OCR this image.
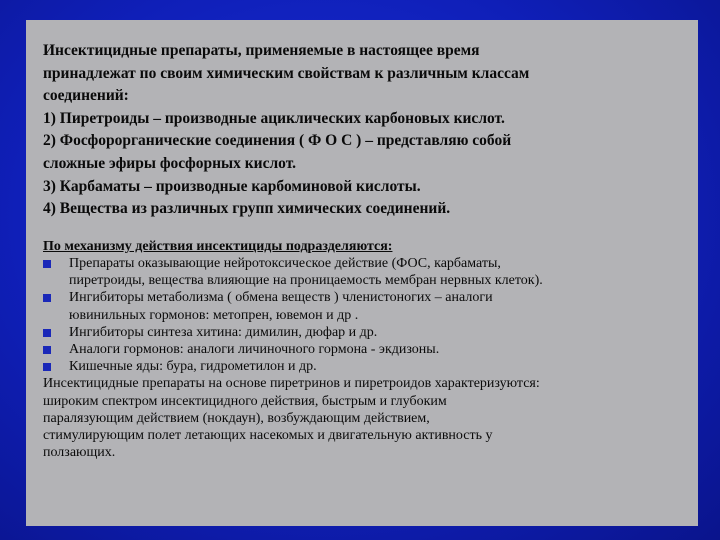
Инсектицидные препараты, применяемые в настоящее время
принадлежат по своим химическим свойствам к различным классам
соединений:
1) Пиретроиды – производные ациклических карбоновых кислот.
2) Фосфорорганические соединения ( Ф О С ) – представляю собой
сложные эфиры фосфорных кислот.
3) Карбаматы – производные карбоминовой кислоты.
4) Вещества из различных групп химических соединений.
По механизму действия инсектициды подразделяются:
Препараты оказывающие нейротоксическое действие (ФОС, карбаматы,
пиретроиды, вещества влияющие на проницаемость мембран нервных клеток).
Ингибиторы метаболизма ( обмена веществ ) членистоногих – аналоги
ювинильных гормонов: метопрен, ювемон и др .
Ингибиторы синтеза хитина: димилин, дюфар и др.
Аналоги гормонов: аналоги личиночного гормона - экдизоны.
Кишечные яды: бура, гидрометилон и др.
Инсектицидные препараты на основе пиретринов и пиретроидов характеризуются:
широким спектром инсектицидного действия, быстрым и глубоким
паралязующим действием (нокдаун), возбуждающим действием,
стимулирующим полет летающих насекомых и двигательную активность у
ползающих.
